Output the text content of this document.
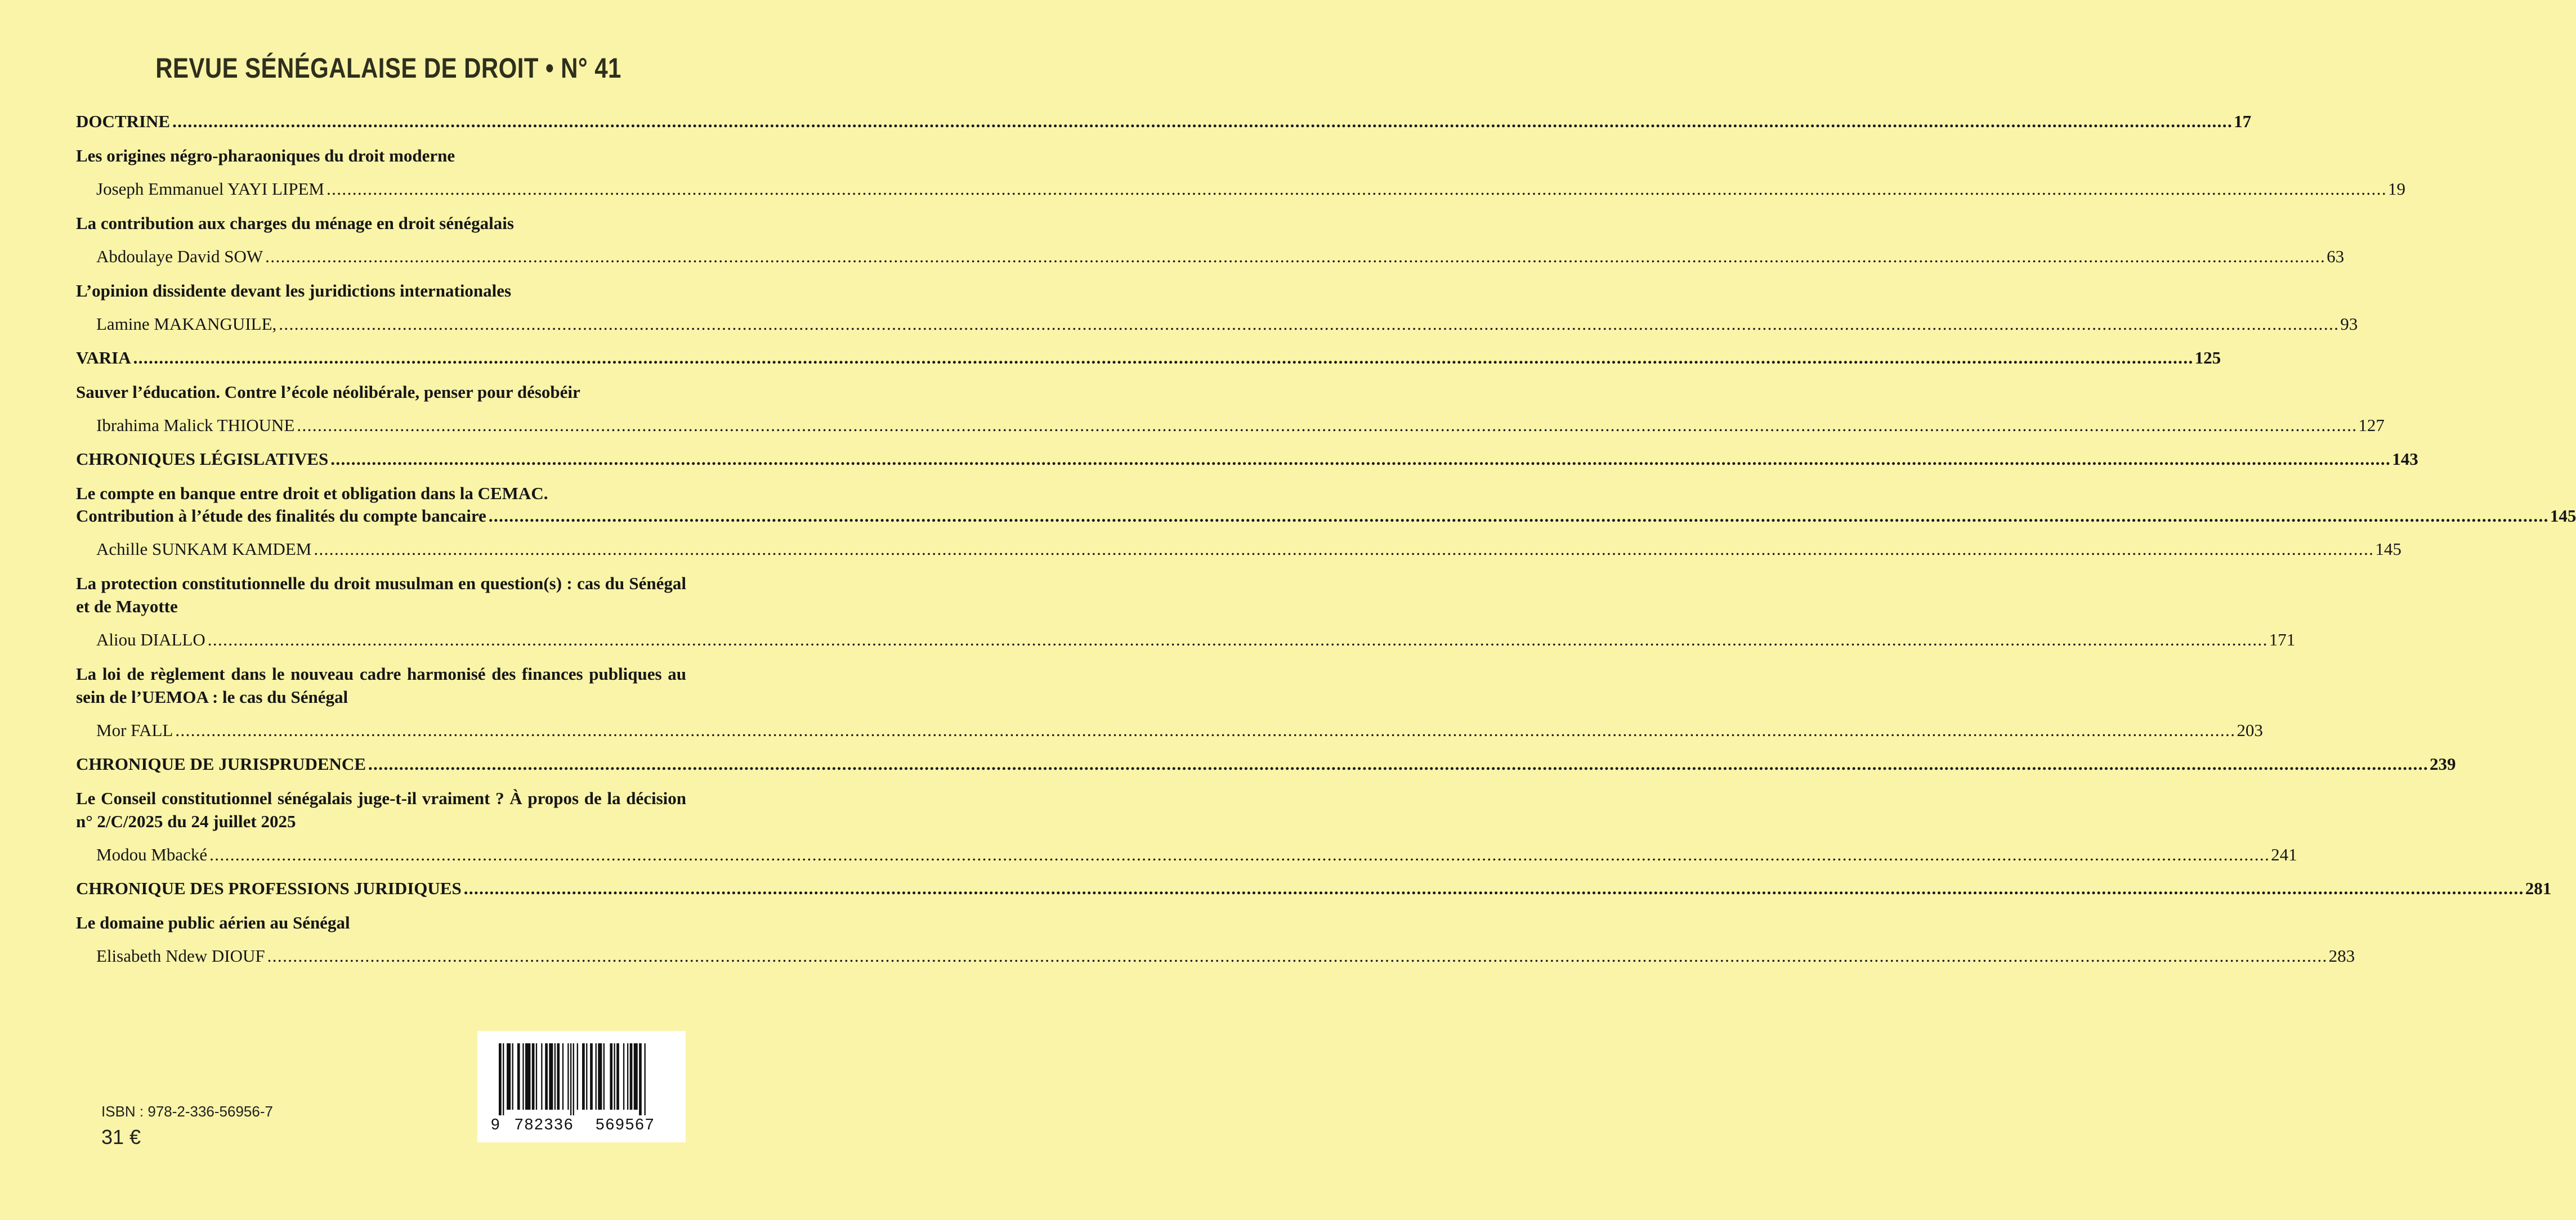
REVUE SÉNÉGALAISE DE DROIT • N° 41
DOCTRINE ................................................................................................................................................................................................................................................................................................................................................................................................................ 17
Les origines négro-pharaoniques du droit moderne
Joseph Emmanuel YAYI LIPEM ................................................................................................................................................................................................................................................................................................................................................................................................................ 19
La contribution aux charges du ménage en droit sénégalais
Abdoulaye David SOW ................................................................................................................................................................................................................................................................................................................................................................................................................ 63
L’opinion dissidente devant les juridictions internationales
Lamine MAKANGUILE, ................................................................................................................................................................................................................................................................................................................................................................................................................ 93
VARIA ................................................................................................................................................................................................................................................................................................................................................................................................................ 125
Sauver l’éducation. Contre l’école néolibérale, penser pour désobéir
Ibrahima Malick THIOUNE ................................................................................................................................................................................................................................................................................................................................................................................................................ 127
CHRONIQUES LÉGISLATIVES ................................................................................................................................................................................................................................................................................................................................................................................................................ 143
Le compte en banque entre droit et obligation dans la CEMAC.
Contribution à l’étude des finalités du compte bancaire ................................................................................................................................................................................................................................................................................................................................................................................................................ 145
Achille SUNKAM KAMDEM ................................................................................................................................................................................................................................................................................................................................................................................................................ 145
La protection constitutionnelle du droit musulman en question(s) : cas du Sénégal et de Mayotte
Aliou DIALLO ................................................................................................................................................................................................................................................................................................................................................................................................................ 171
La loi de règlement dans le nouveau cadre harmonisé des finances publiques au sein de l’UEMOA : le cas du Sénégal
Mor FALL ................................................................................................................................................................................................................................................................................................................................................................................................................ 203
CHRONIQUE DE JURISPRUDENCE ................................................................................................................................................................................................................................................................................................................................................................................................................ 239
Le Conseil constitutionnel sénégalais juge-t-il vraiment ? À propos de la décision n° 2/C/2025 du 24 juillet 2025
Modou Mbacké ................................................................................................................................................................................................................................................................................................................................................................................................................ 241
CHRONIQUE DES PROFESSIONS JURIDIQUES ................................................................................................................................................................................................................................................................................................................................................................................................................ 281
Le domaine public aérien au Sénégal
Elisabeth Ndew DIOUF ................................................................................................................................................................................................................................................................................................................................................................................................................ 283
9 782336 569567
ISBN : 978-2-336-56956-7
31 €
